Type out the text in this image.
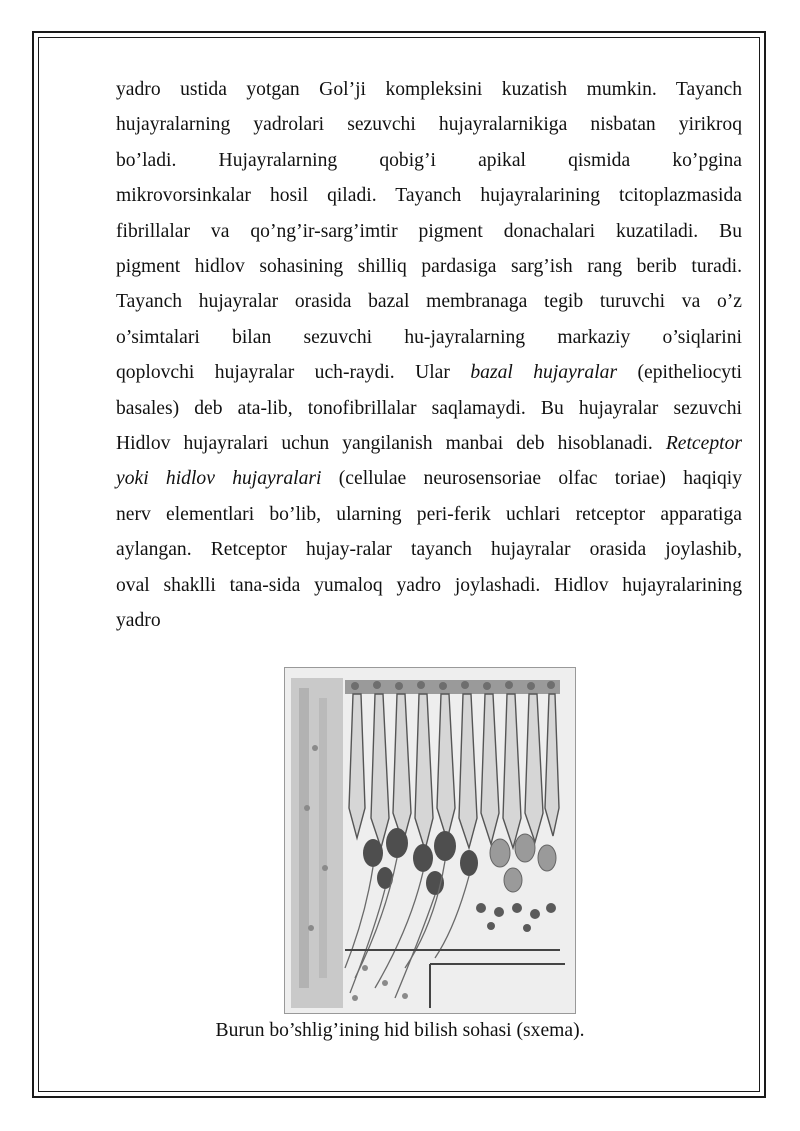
yadro ustida yotgan Gol’ji kompleksini kuzatish mumkin. Tayanch
hujayralarning yadrolari sezuvchi hujayralarnikiga nisbatan yirikroq
bo’ladi. Hujayralarning qobig’i apikal qismida ko’pgina
mikrovorsinkalar hosil qiladi. Tayanch hujayralarining tcitoplazmasida
fibrillalar va qo’ng’ir-sarg’imtir pigment donachalari kuzatiladi. Bu
pigment hidlov sohasining shilliq pardasiga sarg’ish rang berib turadi.
Tayanch hujayralar orasida bazal membranaga tegib turuvchi va o’z
o’simtalari bilan sezuvchi hu-jayralarning markaziy o’siqlarini
qoplovchi hujayralar uch-raydi. Ular bazal hujayralar (epitheliocyti
basales) deb ata-lib, tonofibrillalar saqlamaydi. Bu hujayralar sezuvchi
Hidlov hujayralari uchun yangilanish manbai deb hisoblanadi. Retceptor
yoki hidlov hujayralari (cellulae neurosensoriae olfac toriae) haqiqiy
nerv elementlari bo’lib, ularning peri-ferik uchlari retceptor apparatiga
aylangan. Retceptor hujay-ralar tayanch hujayralar orasida joylashib,
oval shaklli tana-sida yumaloq yadro joylashadi. Hidlov hujayralarining
yadro
Burun bo’shlig’ining hid bilish sohasi (sxema).
